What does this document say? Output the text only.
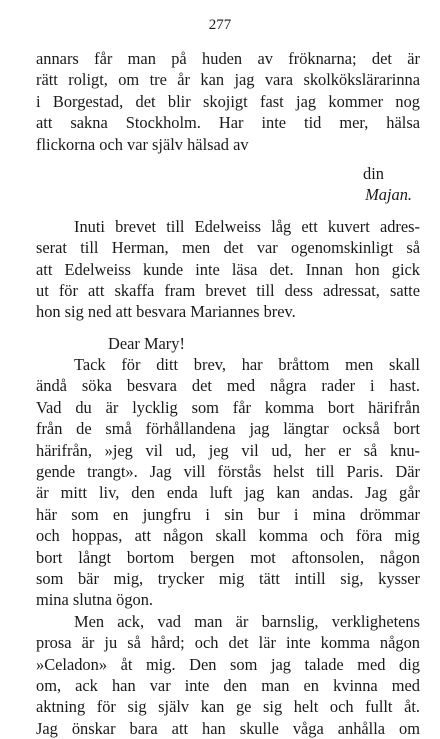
277
annars får man på huden av fröknarna; det är
rätt roligt, om tre år kan jag vara skolkökslärarinna
i Borgestad, det blir skojigt fast jag kommer nog
att sakna Stockholm. Har inte tid mer, hälsa
flickorna och var själv hälsad av
din
Majan.
Inuti brevet till Edelweiss låg ett kuvert adres-
serat till Herman, men det var ogenomskinligt så
att Edelweiss kunde inte läsa det. Innan hon gick
ut för att skaffa fram brevet till dess adressat, satte
hon sig ned att besvara Mariannes brev.
Dear Mary!
Tack för ditt brev, har bråttom men skall
ändå söka besvara det med några rader i hast.
Vad du är lycklig som får komma bort härifrån
från de små förhållandena jag längtar också bort
härifrån, »jeg vil ud, jeg vil ud, her er så knu-
gende trangt». Jag vill förstås helst till Paris. Där
är mitt liv, den enda luft jag kan andas. Jag går
här som en jungfru i sin bur i mina drömmar
och hoppas, att någon skall komma och föra mig
bort långt bortom bergen mot aftonsolen, någon
som bär mig, trycker mig tätt intill sig, kysser
mina slutna ögon.
Men ack, vad man är barnslig, verklighetens
prosa är ju så hård; och det lär inte komma någon
»Celadon» åt mig. Den som jag talade med dig
om, ack han var inte den man en kvinna med
aktning för sig själv kan ge sig helt och fullt åt.
Jag önskar bara att han skulle våga anhålla om
